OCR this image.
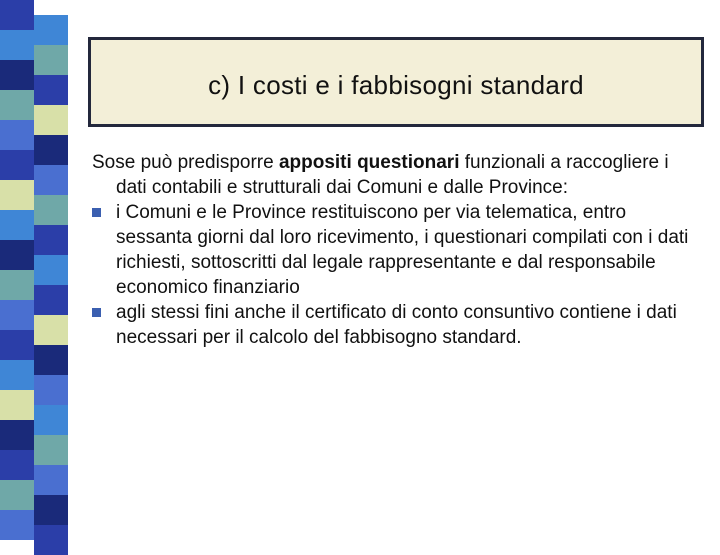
c) I costi e i fabbisogni standard

Sose può predisporre appositi questionari funzionali a raccogliere i dati contabili e strutturali dai Comuni e dalle Province:

i Comuni e le Province restituiscono per via telematica, entro sessanta giorni dal loro ricevimento, i questionari compilati con i dati richiesti, sottoscritti dal legale rappresentante e dal responsabile economico finanziario

agli stessi fini anche il certificato di conto consuntivo contiene i dati necessari per il calcolo del fabbisogno standard.
